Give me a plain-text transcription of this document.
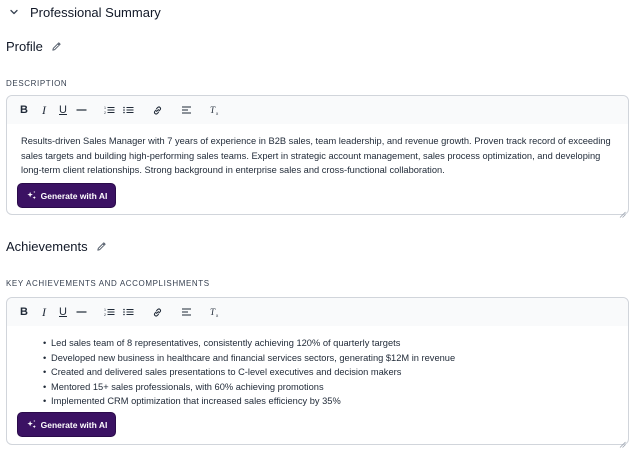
Professional Summary
Profile
DESCRIPTION
B	I	U	1
2	T x
Results-driven Sales Manager with 7 years of experience in B2B sales, team leadership, and revenue growth. Proven track record of exceeding sales targets and building high-performing sales teams. Expert in strategic account management, sales process optimization, and developing long-term client relationships. Strong background in enterprise sales and cross-functional collaboration.
Generate with AI
Achievements
KEY ACHIEVEMENTS AND ACCOMPLISHMENTS
B	I	U	1
2	T x
• Led sales team of 8 representatives, consistently achieving 120% of quarterly targets
• Developed new business in healthcare and financial services sectors, generating $12M in revenue
• Created and delivered sales presentations to C-level executives and decision makers
• Mentored 15+ sales professionals, with 60% achieving promotions
• Implemented CRM optimization that increased sales efficiency by 35%
Generate with AI
